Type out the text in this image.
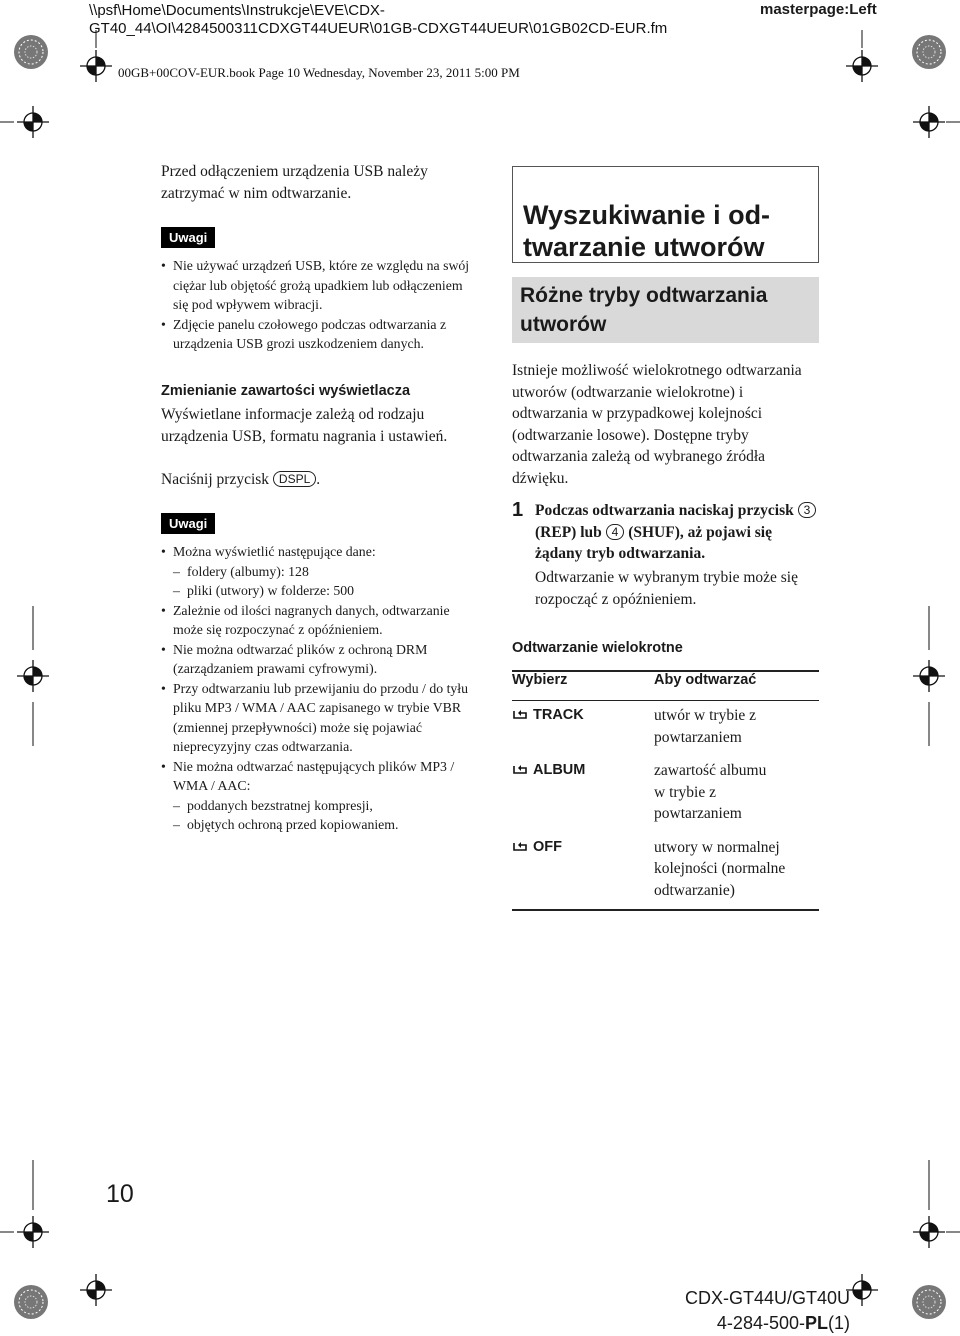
\\psf\Home\Documents\Instrukcje\EVE\CDX-
GT40_44\OI\4284500311CDXGT44UEUR\01GB-CDXGT44UEUR\01GB02CD-EUR.fm
masterpage:Left
00GB+00COV-EUR.book Page 10 Wednesday, November 23, 2011 5:00 PM
Przed odłączeniem urządzenia USB należy zatrzymać w nim odtwarzanie.
Uwagi
• Nie używać urządzeń USB, które ze względu na swój ciężar lub objętość grożą upadkiem lub odłączeniem się pod wpływem wibracji.
• Zdjęcie panelu czołowego podczas odtwarzania z urządzenia USB grozi uszkodzeniem danych.
Zmienianie zawartości wyświetlacza
Wyświetlane informacje zależą od rodzaju urządzenia USB, formatu nagrania i ustawień.
Naciśnij przycisk DSPL .
Uwagi
• Można wyświetlić następujące dane:
– foldery (albumy): 128
– pliki (utwory) w folderze: 500
• Zależnie od ilości nagranych danych, odtwarzanie może się rozpoczynać z opóźnieniem.
• Nie można odtwarzać plików z ochroną DRM (zarządzaniem prawami cyfrowymi).
• Przy odtwarzaniu lub przewijaniu do przodu / do tyłu pliku MP3 / WMA / AAC zapisanego w trybie VBR (zmiennej przepływności) może się pojawiać nieprecyzyjny czas odtwarzania.
• Nie można odtwarzać następujących plików MP3 / WMA / AAC:
– poddanych bezstratnej kompresji,
– objętych ochroną przed kopiowaniem.
Wyszukiwanie i od-
twarzanie utworów
Różne tryby odtwarzania
utworów
Istnieje możliwość wielokrotnego odtwarzania utworów (odtwarzanie wielokrotne) i odtwarzania w przypadkowej kolejności (odtwarzanie losowe). Dostępne tryby odtwarzania zależą od wybranego źródła dźwięku.
1 Podczas odtwarzania naciskaj przycisk 3 (REP) lub 4 (SHUF), aż pojawi się żądany tryb odtwarzania.
Odtwarzanie w wybranym trybie może się rozpocząć z opóźnieniem.
Odtwarzanie wielokrotne
Wybierz	Aby odtwarzać
TRACK	utwór w trybie z powtarzaniem
ALBUM	zawartość albumu w trybie z powtarzaniem
OFF	utwory w normalnej kolejności (normalne odtwarzanie)
10
CDX-GT44U/GT40U
4-284-500-PL(1)
